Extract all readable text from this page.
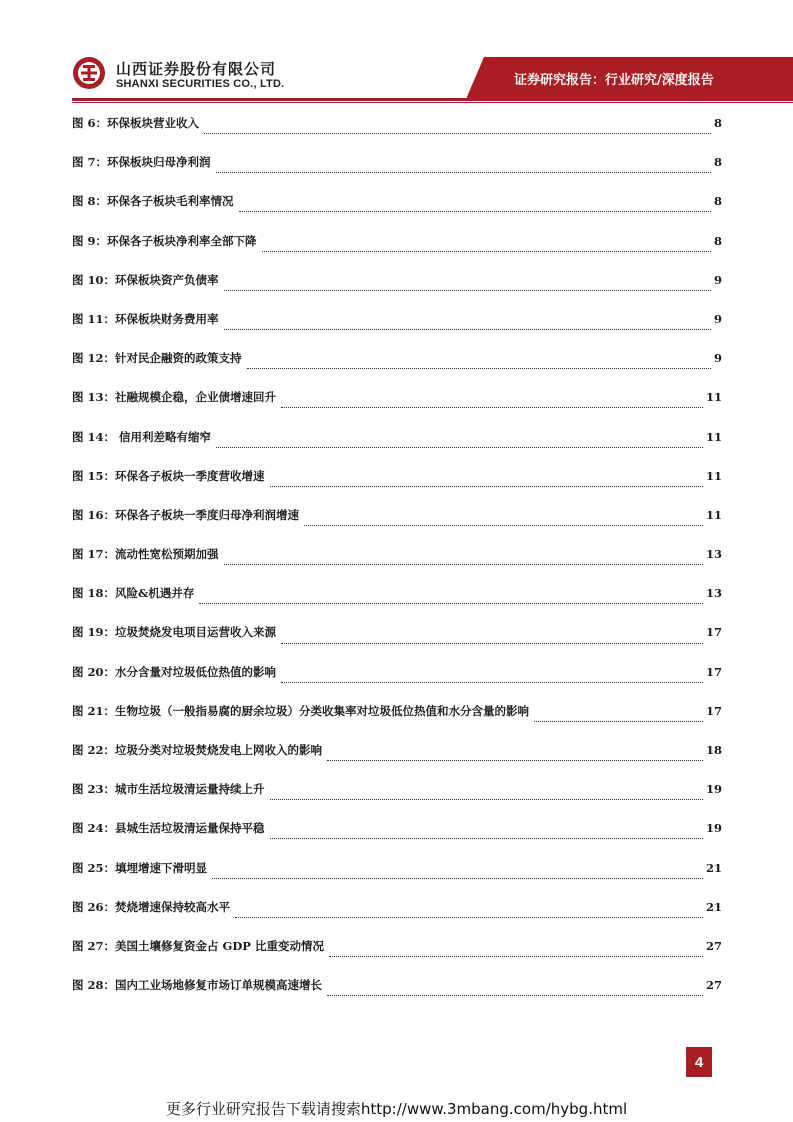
山西证券股份有限公司
SHANXI SECURITIES CO., LTD.	证券研究报告：行业研究/深度报告
图 6：环保板块营业收入	8
图 7：环保板块归母净利润	8
图 8：环保各子板块毛利率情况	8
图 9：环保各子板块净利率全部下降	8
图 10：环保板块资产负债率	9
图 11：环保板块财务费用率	9
图 12：针对民企融资的政策支持	9
图 13：社融规模企稳，企业债增速回升	11
图 14： 信用利差略有缩窄	11
图 15：环保各子板块一季度营收增速	11
图 16：环保各子板块一季度归母净利润增速	11
图 17：流动性宽松预期加强	13
图 18：风险&机遇并存	13
图 19：垃圾焚烧发电项目运营收入来源	17
图 20：水分含量对垃圾低位热值的影响	17
图 21：生物垃圾（一般指易腐的厨余垃圾）分类收集率对垃圾低位热值和水分含量的影响	17
图 22：垃圾分类对垃圾焚烧发电上网收入的影响	18
图 23：城市生活垃圾清运量持续上升	19
图 24：县城生活垃圾清运量保持平稳	19
图 25：填埋增速下滑明显	21
图 26：焚烧增速保持较高水平	21
图 27：美国土壤修复资金占 GDP 比重变动情况	27
图 28：国内工业场地修复市场订单规模高速增长	27
4
更多行业研究报告下载请搜索http://www.3mbang.com/hybg.html
